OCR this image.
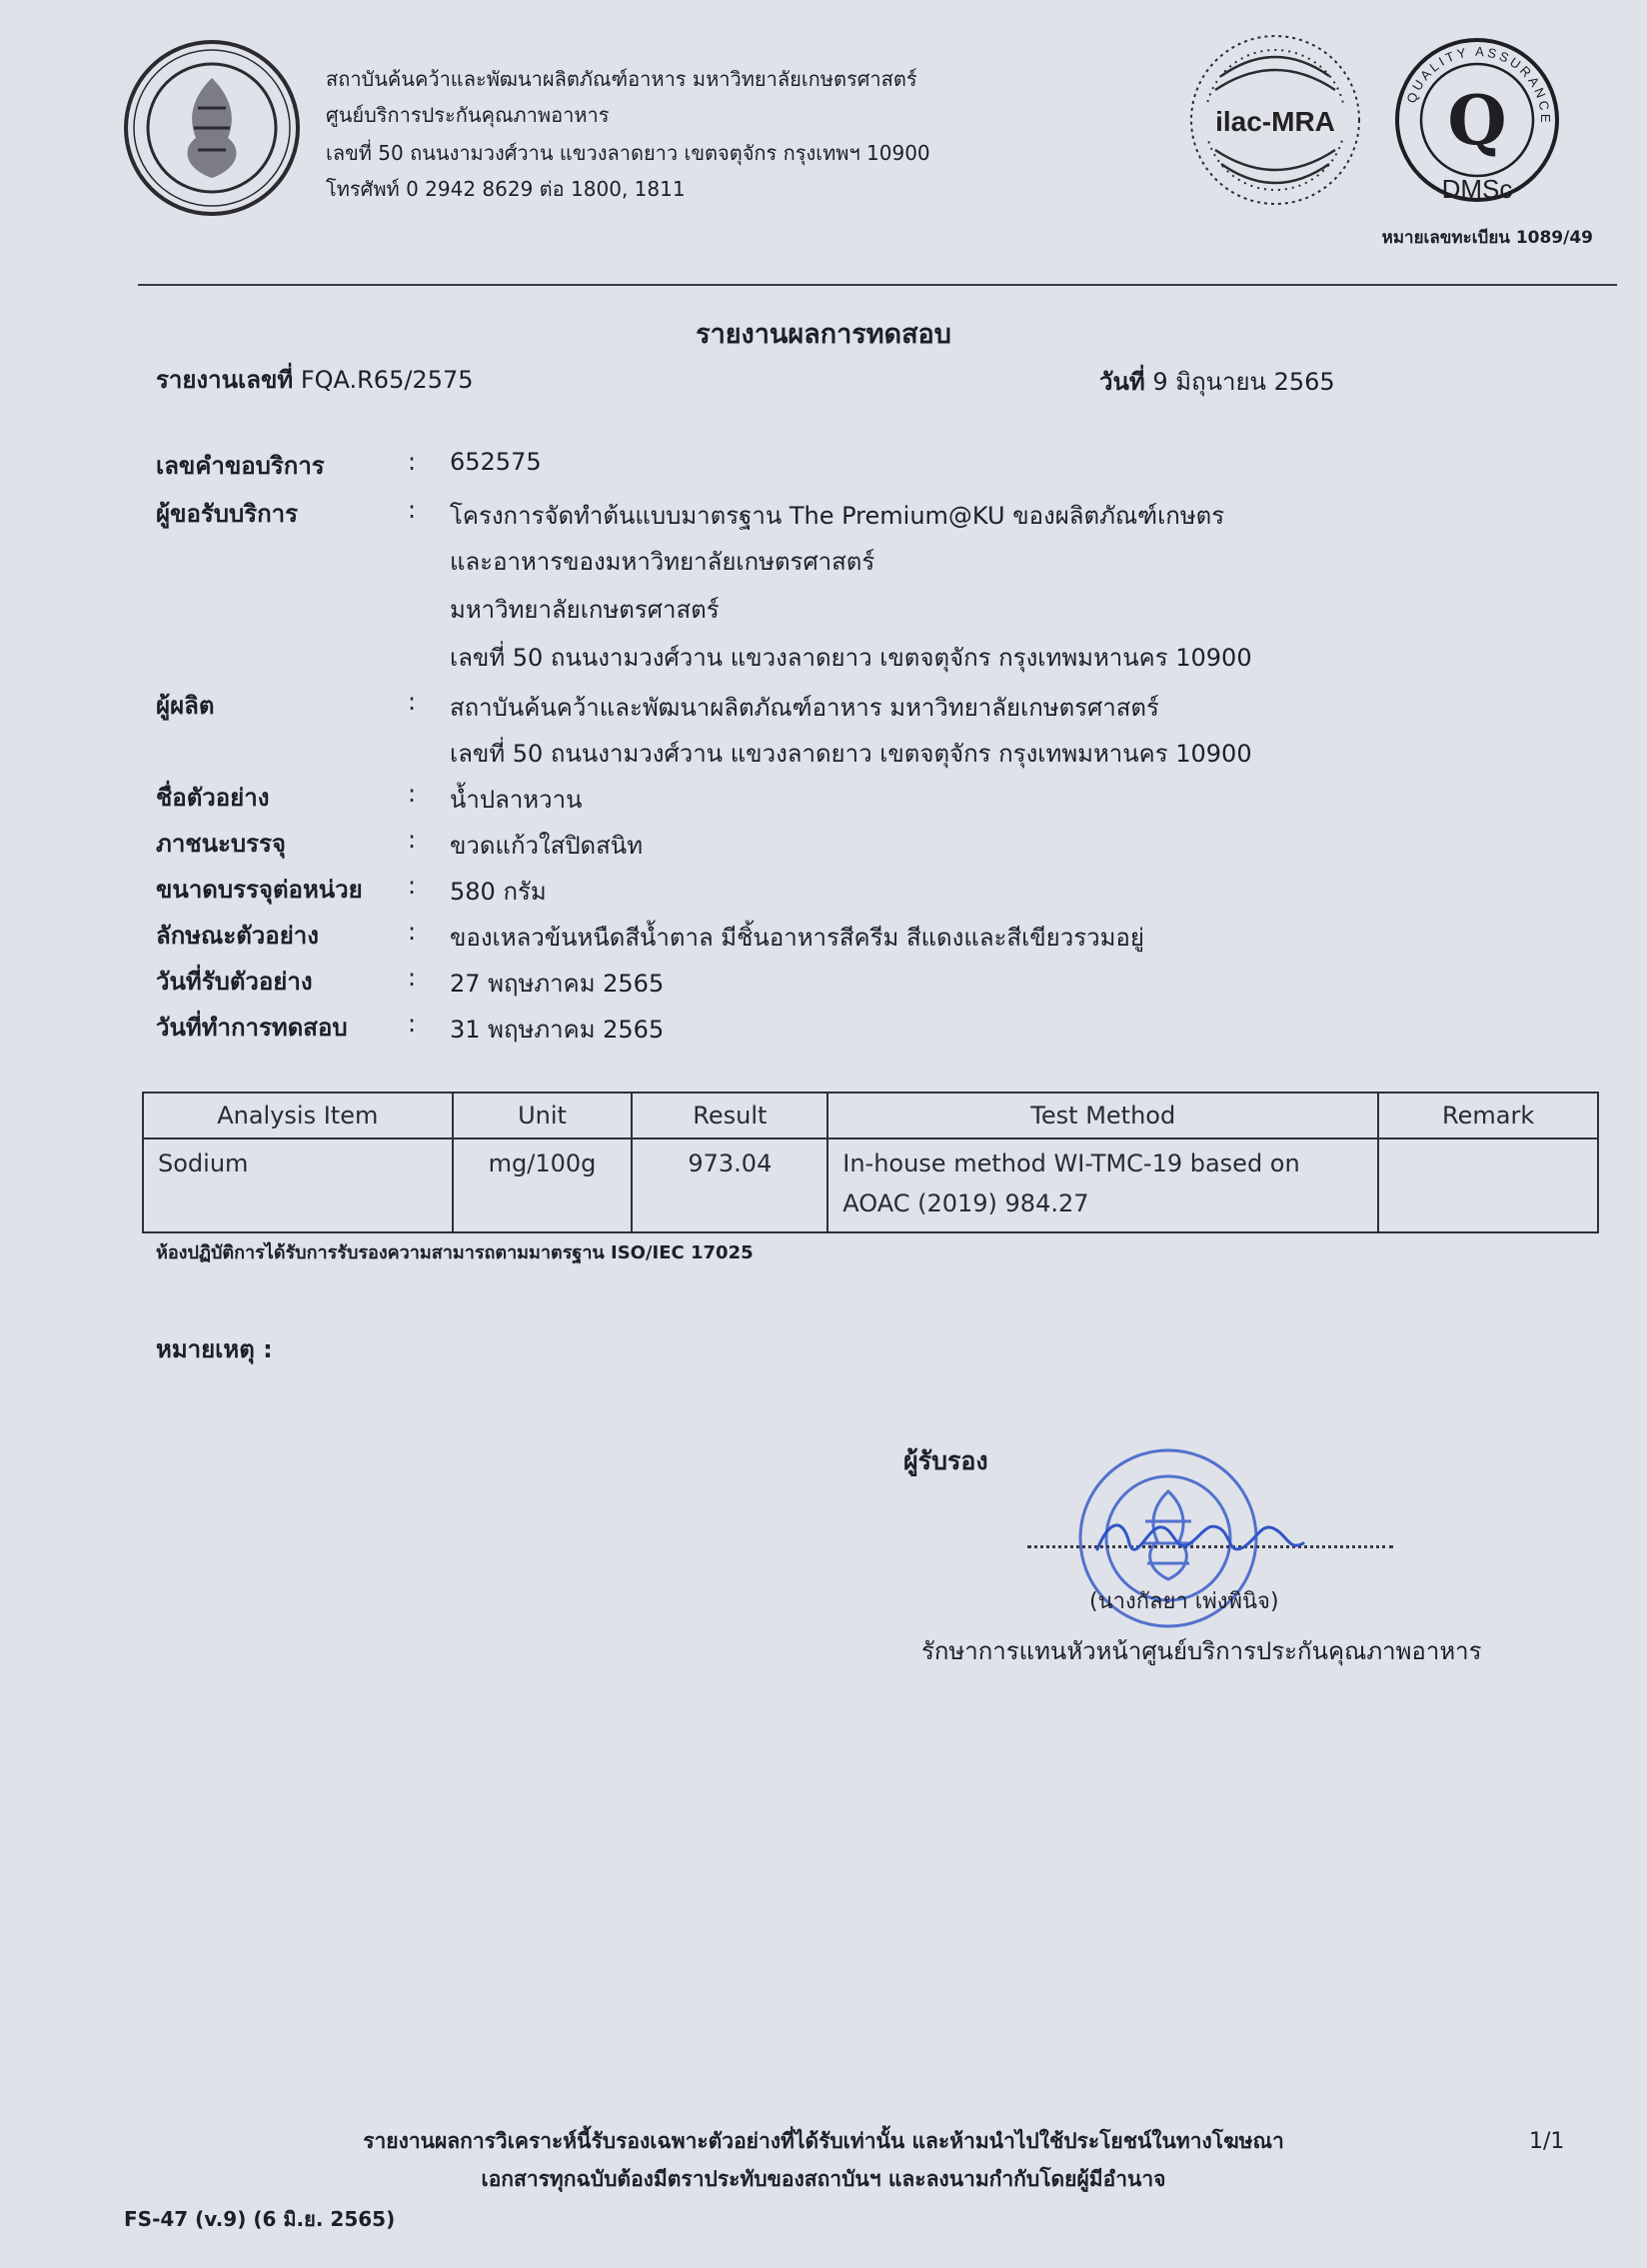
สถาบันค้นคว้าและพัฒนาผลิตภัณฑ์อาหาร มหาวิทยาลัยเกษตรศาสตร์
ศูนย์บริการประกันคุณภาพอาหาร
เลขที่ 50 ถนนงามวงศ์วาน แขวงลาดยาว เขตจตุจักร กรุงเทพฯ 10900
โทรศัพท์ 0 2942 8629 ต่อ 1800, 1811
ilac-MRA Q
DMSc
QUALITY ASSURANCE
หมายเลขทะเบียน 1089/49
รายงานผลการทดสอบ
รายงานเลขที่ FQA.R65/2575	วันที่ 9 มิถุนายน 2565
เลขคำขอบริการ	: 652575
ผู้ขอรับบริการ	: โครงการจัดทำต้นแบบมาตรฐาน The Premium@KU ของผลิตภัณฑ์เกษตร
และอาหารของมหาวิทยาลัยเกษตรศาสตร์
มหาวิทยาลัยเกษตรศาสตร์
เลขที่ 50 ถนนงามวงศ์วาน แขวงลาดยาว เขตจตุจักร กรุงเทพมหานคร 10900
ผู้ผลิต	: สถาบันค้นคว้าและพัฒนาผลิตภัณฑ์อาหาร มหาวิทยาลัยเกษตรศาสตร์
เลขที่ 50 ถนนงามวงศ์วาน แขวงลาดยาว เขตจตุจักร กรุงเทพมหานคร 10900
ชื่อตัวอย่าง	: น้ำปลาหวาน
ภาชนะบรรจุ	: ขวดแก้วใสปิดสนิท
ขนาดบรรจุต่อหน่วย : 580 กรัม
ลักษณะตัวอย่าง	: ของเหลวข้นหนืดสีน้ำตาล มีชิ้นอาหารสีครีม สีแดงและสีเขียวรวมอยู่
วันที่รับตัวอย่าง	: 27 พฤษภาคม 2565
วันที่ทำการทดสอบ	: 31 พฤษภาคม 2565
Analysis Item	Unit	Result	Test Method	Remark
Sodium	mg/100g	973.04	In-house method WI-TMC-19 based on
AOAC (2019) 984.27	

ห้องปฏิบัติการได้รับการรับรองความสามารถตามมาตรฐาน ISO/IEC 17025
หมายเหตุ :
ผู้รับรอง
(นางกัลยา เพ่งพินิจ)
รักษาการแทนหัวหน้าศูนย์บริการประกันคุณภาพอาหาร
รายงานผลการวิเคราะห์นี้รับรองเฉพาะตัวอย่างที่ได้รับเท่านั้น และห้ามนำไปใช้ประโยชน์ในทางโฆษณา
เอกสารทุกฉบับต้องมีตราประทับของสถาบันฯ และลงนามกำกับโดยผู้มีอำนาจ
1/1
FS-47 (v.9) (6 มิ.ย. 2565)
